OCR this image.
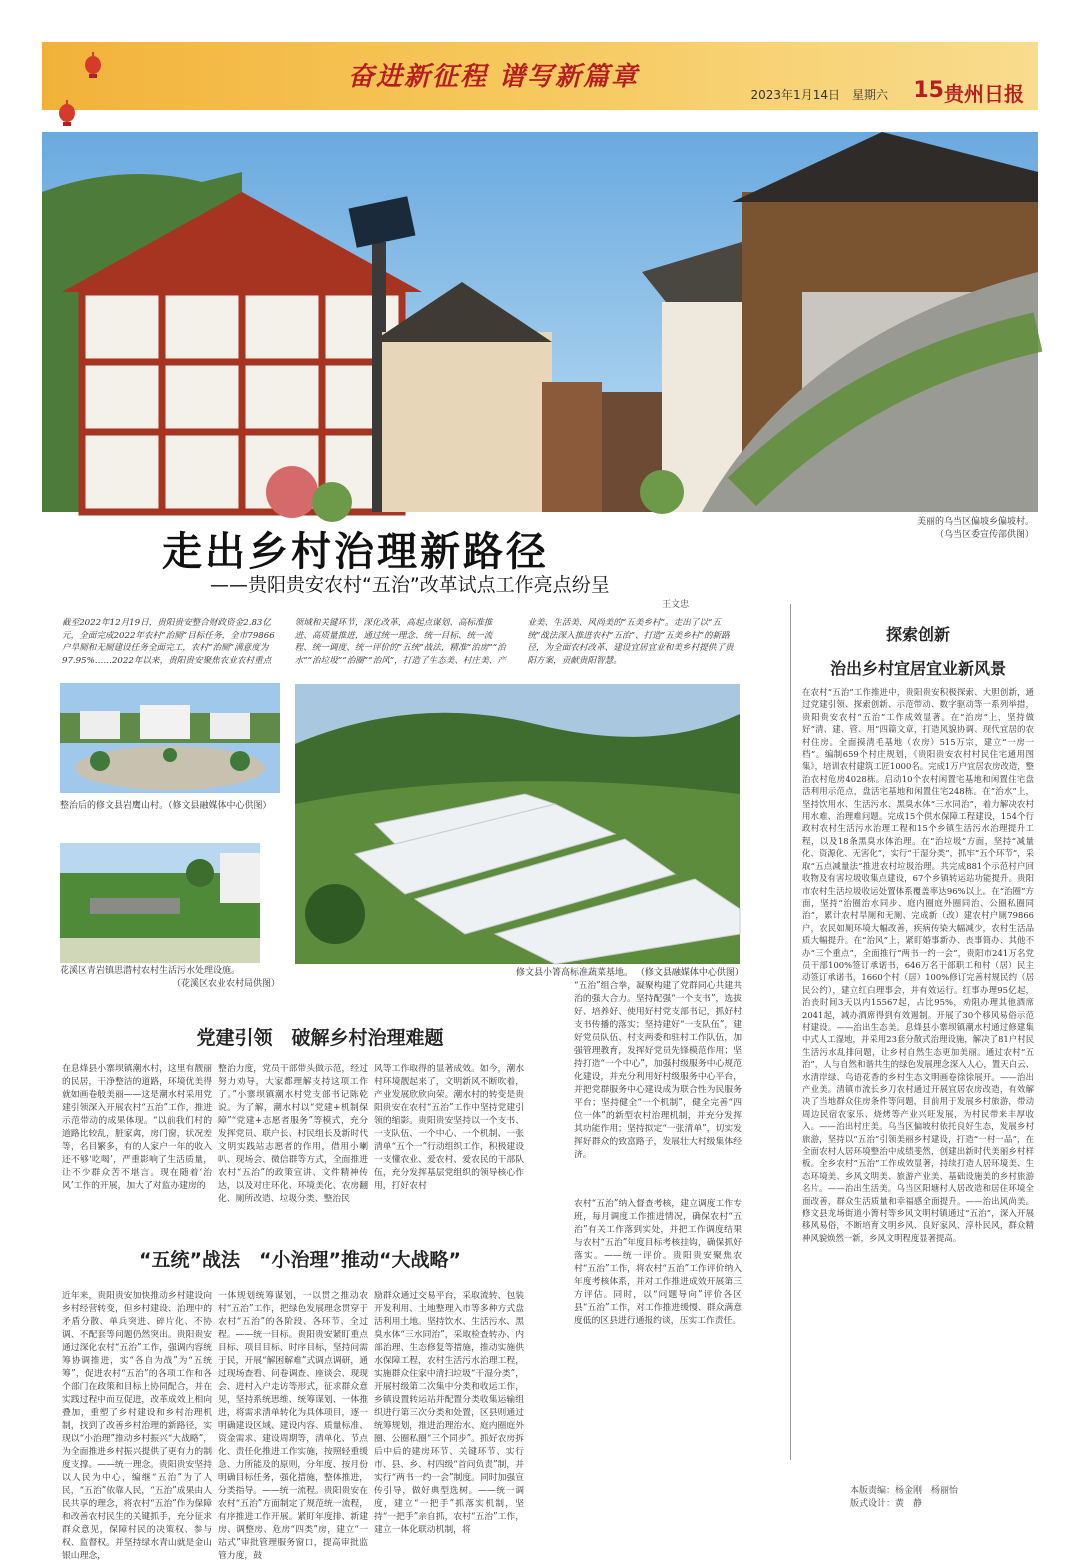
奋进新征程 谱写新篇章
2023年1月14日　 星期六 15 贵州日报
美丽的乌当区偏坡乡偏坡村。
（乌当区委宣传部供图）
走出乡村治理新路径
——贵阳贵安农村“五治”改革试点工作亮点纷呈
王文忠
截至2022年12月19日，贵阳贵安整合财政资金2.83亿元，全面完成2022年农村“治厕”目标任务，全市79866户旱厕和无厕建设任务全面完工，农村“治厕”满意度为97.95%……2022年以来，贵阳贵安聚焦农业农村重点领域和关键环节，深化改革，高起点谋划、高标准推进、高质量推进，通过统一理念、统一目标、统一流程、统一调度、统一评价的“五统”战法，精准“治房”“治水”“治垃圾”“治圈”“治风”，打造了生态美、村庄美、产业美、生活美、风尚美的“五美乡村”。走出了以“五统”战法深入推进农村“五治”、打造“五美乡村”的新路径，为全面农村改革、建设宜居宜业和美乡村提供了贵阳方案，贡献贵阳智慧。
整治后的修文县岩鹰山村。（修文县融媒体中心供图）
花溪区青岩镇思潜村农村生活污水处理设施。
（花溪区农业农村局供图）
修文县小箐高标准蔬菜基地。 （修文县融媒体中心供图）
党建引领　破解乡村治理难题
在息烽县小寨坝镇潮水村，这里有靓丽的民居，干净整洁的道路，环境优美得就如画卷般美丽——这是潮水村采用党建引领深入开展农村“五治”工作，推进示范带动的成果体现。“以前我们村的道路比较乱，脏家禽，房门窗，状况差等，名目繁多，有的人家户一年的收入还不够‘吃喝’，严重影响了生活质量，让不少群众苦不堪言。现在随着‘治风’工作的开展，加大了对监办建房的
整治力度，党员干部带头做示范，经过努力劝导，大家都理解支持这项工作了。”小寨坝镇潮水村党支部书记陈乾说。为了解，潮水村以“党建+机制保障”“党建+志愿者服务”等模式，充分发挥党员、联户长、村民组长及新时代文明实践站志愿者的作用，借用小喇叭、现场会、微信群等方式，全面推进农村“五治”的政策宣讲、文件精神传达，以及对庄环化、环境美化、农房翻化、厕所改造、垃圾分类、整治民
风等工作取得的显著成效。如今，潮水村环境靓起来了，文明新风不断吹着，产业发展欣欣向荣。潮水村的转变是贵阳贵安在农村“五治”工作中坚持党建引领的缩影。贵阳贵安坚持以一个支书、一支队伍、一个中心、一个机制、一张清单“五个一”行动组织工作，积极建设一支懂农业、爱农村、爱农民的干部队伍，充分发挥基层党组织的领导核心作用，打好农村
“五治”组合拳，凝聚构建了党群同心共建共治的强大合力。坚持配强“一个支书”，选拔好、培养好、使用好村党支部书记，抓好村支书传播的落实；坚持建好“一支队伍”，建好党员队伍、村支两委和驻村工作队伍，加强管理教育，发挥好党员先锋模范作用；坚持打造“一个中心”，加强村级服务中心规范化建设，并充分利用好村级服务中心平台，并把党群服务中心建设成为联合性为民服务平台；坚持健全“一个机制”，健全完善“四位一体”的新型农村治理机制，并充分发挥其功能作用；坚持拟定“一张清单”，切实发挥好群众的致富路子，发展壮大村级集体经济。
“五统”战法　“小治理”推动“大战略”
近年来，贵阳贵安加快推动乡村建设向乡村经营转变，但乡村建设、治理中的矛盾分散、单兵突进、碎片化、不协调、不配套等问题仍然突出。贵阳贵安通过深化农村“五治”工作，强调内容统筹协调推进，实“各自为战”为“五统筹”，促进农村“五治”的各项工作和各个部门在政策和目标上协同配合，并在实践过程中而互促进，改革成效上相向叠加，重塑了乡村建设和乡村治理机制，找到了改善乡村治理的新路径，实现以“小治理”推动乡村振兴“大战略”，为全面推进乡村振兴提供了更有力的制度支撑。——统一理念。贵阳贵安坚持以人民为中心，编继“五治”为了人民，“五治”依靠人民，“五治”成果由人民共享的理念，将农村“五治”作为保障和改善农村民生的关键抓手，充分征求群众意见，保障村民的决策权、参与权、监督权。并坚持绿水青山就是金山银山理念，
一体规划统筹谋划，一以贯之推动农村“五治”工作，把绿色发展理念贯穿于农村“五治”的各阶段、各环节、全过程。——统一目标。贵阳贵安紧盯重点目标、项目目标、时序目标，坚持问需于民，开展“解困解难”式调点调研，通过现场查看、问卷调查、座谈会、现现会、进村入户走访等形式，征求群众意见，坚持系统思维、统筹谋划、一体推进，将需求清单转化为具体项目，逐一明确建设区域、建设内容、质量标准、资金需求、建设周期等，清单化、节点化、责任化推进工作实施，按照轻重缓急、力所能及的原则，分年度、按月份明确目标任务，强化措施，整体推进，分类指导。——统一流程。贵阳贵安在农村“五治”方面制定了规范统一流程，有序推进工作开展。紧盯年度排、新建房、调整房、危房“四类”房，建立“一站式”审批管理服务窗口，提高审批监管力度，鼓
励群众通过交易平台，采取流转、包装开发利用、土地整理入市等多种方式盘活利用土地。坚持饮水、生活污水、黑臭水体“三水同治”，采取检查转办、内部治理、生态修复等措施，推动实施供水保障工程，农村生活污水治理工程，实施群众住家中清扫垃圾“干湿分类”，开展村级第二次集中分类和收运工作，乡镇设置转运站并配置分类收集运输组织进行第三次分类和处置，区县则通过统筹规划，推进治理治水、庭内圈庭外圈、公圈私圈“三个同步”。抓好农房拆后中后的建房环节、关键环节、实行市、县、乡、村四级“首问负责”制，并实行“两书一约一会”制度。同时加强宣传引导，做好典型选树。——统一调度，建立“一把手”抓落实机制，坚持“一把手”亲自抓，农村“五治”工作，建立一体化联动机制，将
农村“五治”纳入督查考核，建立调度工作专班，每月调度工作推进情况，确保农村“五治”有关工作落到实处，并把工作调度结果与农村“五治”年度目标考核挂钩，确保抓好落实。——统一评价。贵阳贵安聚焦农村“五治”工作，将农村“五治”工作评价纳入年度考核体系，并对工作推进成效开展第三方评估。同时，以“问题导向”评价各区县“五治”工作，对工作推进缓慢、群众满意度低的区县进行通报约谈，压实工作责任。
探索创新
治出乡村宜居宜业新风景
在农村“五治”工作推进中，贵阳贵安积极探索、大胆创新，通过党建引领、探索创新、示范带动、数字驱动等一系列举措，贵阳贵安农村“五治”工作成效显著。在“治房”上，坚持做好“清、建、管、用”四篇文章，打造风貌协调、现代宜居的农村住房。全面摸清毛基地（农房）515万宗，建立“一房一档”。编制659个村庄规划，《贵阳贵安农村村民住宅通用图集》，培训农村建筑工匠1000名。完成1万户宜居农房改造，整治农村危房4028栋。启动10个农村闲置宅基地和闲置住宅盘活利用示范点，盘活宅基地和闲置住宅248栋。在“治水”上，坚持饮用水、生活污水、黑臭水体“三水同治”，着力解决农村用水难、治理难问题。完成15个供水保障工程建设，154个行政村农村生活污水治理工程和15个乡镇生活污水治理提升工程，以及18条黑臭水体治理。在“治垃圾”方面，坚持“减量化、资源化、无害化”，实行“干湿分类”，抓牢“五个环节”，采取“五点减量法”推进农村垃圾治理。共完成881个示范村户回收物及有害垃圾收集点建设，67个乡镇转运站功能提升。贵阳市农村生活垃圾收运处置体系覆盖率达96%以上。在“治圈”方面，坚持“治圈治水同步、庭内圈庭外圈同治、公圈私圈同治”，累计农村旱厕和无厕、完成新（改）建农村户厕79866户，农民如厕环境大幅改善，疾病传染大幅减少，农村生活品质大幅提升。在“治风”上，紧盯婚事新办、丧事简办、其他不办“三个重点”，全面推行“两书一约一会”，贵阳市241万名党员干部100%签订承诺书，646万名干部职工和村（居）民主动签订承诺书，1660个村（居）100%修订完善村规民约（居民公约），建立红白理事会，并有效运行。红事办理95亿起，治丧时间3天以内15567起，占比95%，劝阻办理其他酒席2041起，减办酒席得到有效遏制。开展了30个移风易俗示范村建设。——治出生态美。息烽县小寨坝镇潮水村通过修建集中式人工湿地，并采用23套分散式治理设施，解决了81户村民生活污水乱排问题，让乡村自然生态更加美丽。通过农村“五治”，人与自然和谐共生的绿色发展理念深入人心，置天白云、水清岸绿、鸟语花香的乡村生态文明画卷徐徐展开。——治出产业美。清镇市流长乡刀农村通过开展宜居农房改造，有效解决了当地群众住房条件等问题，目前用于发展乡村旅游，带动周边民宿农家乐、烧烤等产业兴旺发展，为村民带来丰厚收入。——治出村庄美。乌当区偏坡村依托良好生态，发展乡村旅游，坚持以“五治”引领美丽乡村建设，打造“一村一品”，在全面农村人居环境整治中成绩斐然，创建出新时代美丽乡村样板。全乡农村“五治”工作成效显著，持续打造人居环境美、生态环境美、乡风文明美、旅游产业美、基础设施美的乡村旅游名片。——治出生活美。乌当区阳塘村人居改造和居住环境全面改善，群众生活质量和幸福感全面提升。——治出风尚美。修文县龙场街道小箐村等乡风文明村镇通过“五治”，深入开展移风易俗，不断培育文明乡风、良好家风、淳朴民风，群众精神风貌焕然一新，乡风文明程度显著提高。
本版责编：杨金刚　杨丽怡
版式设计：黄　静
